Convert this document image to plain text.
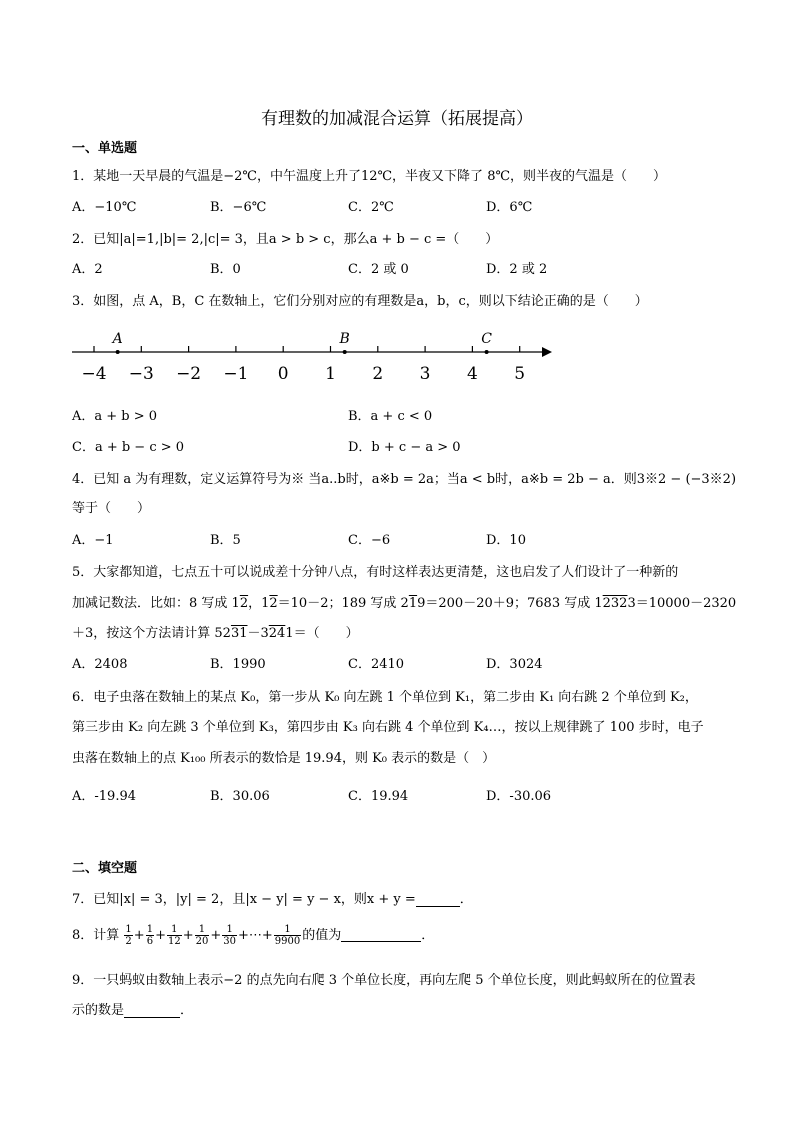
有理数的加减混合运算（拓展提高）
一、单选题
1．某地一天早晨的气温是−2℃，中午温度上升了12℃，半夜又下降了 8℃，则半夜的气温是（　　）
A．−10℃	B．−6℃	C．2℃	D．6℃
2．已知|a|=1,|b|= 2,|c|= 3，且a > b > c，那么a + b − c =（　　）
A．2	B．0	C．2 或 0	D．2 或 2
3．如图，点 A，B，C 在数轴上，它们分别对应的有理数是a，b，c，则以下结论正确的是（　　）
−4 −3 −2 −1 0 1 2 3 4 5
A	B	C
A．a + b > 0	B．a + c < 0
C．a + b − c > 0	D．b + c − a > 0
4．已知 a 为有理数，定义运算符号为※ 当a..b时，a※b = 2a；当a < b时，a※b = 2b − a．则3※2 − (−3※2)
等于（　　）
A．−1	B．5	C．−6	D．10
5．大家都知道，七点五十可以说成差十分钟八点，有时这样表达更清楚，这也启发了人们设计了一种新的
加减记数法．比如：8 写成 12，12＝10－2；189 写成 219＝200－20＋9；7683 写成 12323＝10000－2320
＋3，按这个方法请计算 5231－3241＝（　　）
A．2408	B．1990	C．2410	D．3024
6．电子虫落在数轴上的某点 K₀，第一步从 K₀ 向左跳 1 个单位到 K₁，第二步由 K₁ 向右跳 2 个单位到 K₂，
第三步由 K₂ 向左跳 3 个单位到 K₃，第四步由 K₃ 向右跳 4 个单位到 K₄…，按以上规律跳了 100 步时，电子
虫落在数轴上的点 K₁₀₀ 所表示的数恰是 19.94，则 K₀ 表示的数是（　）
A．-19.94	B．30.06	C．19.94	D．-30.06
二、填空题
7．已知|x| = 3，|y| = 2，且|x − y| = y − x，则x + y =	．
8．计算 $\frac{1}{2} + \frac{1}{6} + \frac{1}{12} + \frac{1}{20} + \frac{1}{30}$ +⋯+ $\frac{1}{9900}$ 的值为	．
9．一只蚂蚁由数轴上表示−2 的点先向右爬 3 个单位长度，再向左爬 5 个单位长度，则此蚂蚁所在的位置表
示的数是	．
